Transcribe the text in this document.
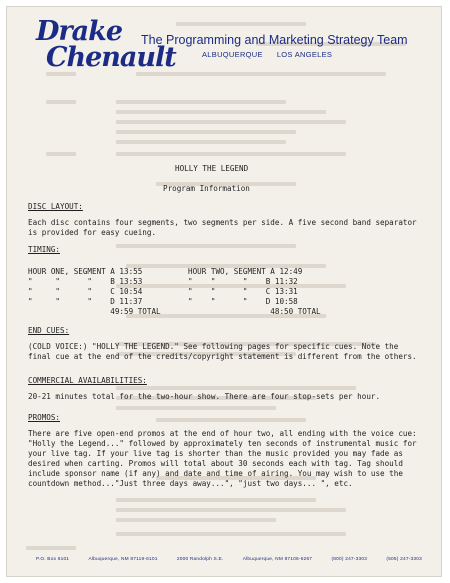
Drake
Chenault
The Programming and Marketing Strategy Team
ALBUQUERQUE LOS ANGELES
HOLLY THE LEGEND
Program Information
DISC LAYOUT:
Each disc contains four segments, two segments per side. A five second band separator is provided for easy cueing.
TIMING:
HOUR ONE, SEGMENT A 13:55          HOUR TWO, SEGMENT A 12:49
"     "      "    B 13:53          "    "      "    B 11:32
"     "      "    C 10:54          "    "      "    C 13:31
"     "      "    D 11:37          "    "      "    D 10:58
49:59 TOTAL                        48:50 TOTAL
END CUES:
(COLD VOICE:) "HOLLY THE LEGEND." See following pages for specific cues. Note the final cue at the end of the credits/copyright statement is different from the others.
COMMERCIAL AVAILABILITIES:
20-21 minutes total for the two-hour show. There are four stop-sets per hour.
PROMOS:
There are five open-end promos at the end of hour two, all ending with the voice cue: "Holly the Legend..." followed by approximately ten seconds of instrumental music for your live tag. If your live tag is shorter than the music provided you may fade as desired when carting. Promos will total about 30 seconds each with tag. Tag should include sponsor name (if any) and date and time of airing. You may wish to use the countdown method..."Just three days away...", "just two days... ", etc.
P.O. Box 6101	Albuquerque, NM 87119-6101	2000 Randolph S.E.	Albuquerque, NM 87106-6267	(800) 247-3303	(505) 247-3303
